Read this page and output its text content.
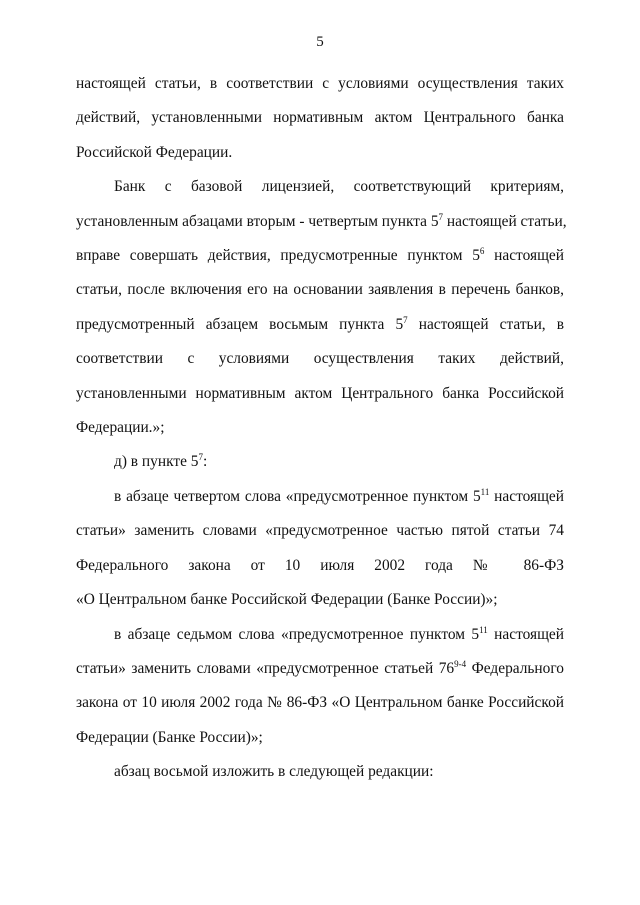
5
настоящей статьи, в соответствии с условиями осуществления таких
действий, установленными нормативным актом Центрального банка
Российской Федерации.
Банк с базовой лицензией, соответствующий критериям,
установленным абзацами вторым - четвертым пункта $5^7$ настоящей статьи,
вправе совершать действия, предусмотренные пунктом $5^6$ настоящей
статьи, после включения его на основании заявления в перечень банков,
предусмотренный абзацем восьмым пункта $5^7$ настоящей статьи, в
соответствии с условиями осуществления таких действий,
установленными нормативным актом Центрального банка Российской
Федерации.»;
д) в пункте $5^7$:
в абзаце четвертом слова «предусмотренное пунктом $5^{11}$ настоящей
статьи» заменить словами «предусмотренное частью пятой статьи 74
Федерального закона от 10 июля 2002 года № 86-ФЗ
«О Центральном банке Российской Федерации (Банке России)»;
в абзаце седьмом слова «предусмотренное пунктом $5^{11}$ настоящей
статьи» заменить словами «предусмотренное статьей 76$^{9-4}$ Федерального
закона от 10 июля 2002 года № 86-ФЗ «О Центральном банке Российской
Федерации (Банке России)»;
абзац восьмой изложить в следующей редакции:
